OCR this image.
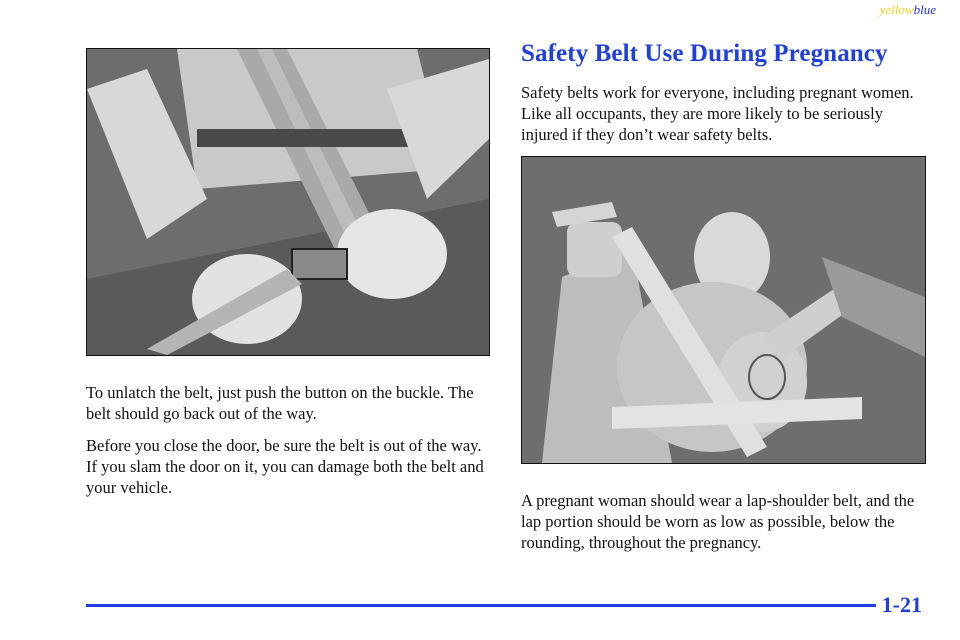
yellowblue

To unlatch the belt, just push the button on the buckle. The belt should go back out of the way.

Before you close the door, be sure the belt is out of the way. If you slam the door on it, you can damage both the belt and your vehicle.

Safety Belt Use During Pregnancy

Safety belts work for everyone, including pregnant women. Like all occupants, they are more likely to be seriously injured if they don’t wear safety belts.

A pregnant woman should wear a lap-shoulder belt, and the lap portion should be worn as low as possible, below the rounding, throughout the pregnancy.

1-21
